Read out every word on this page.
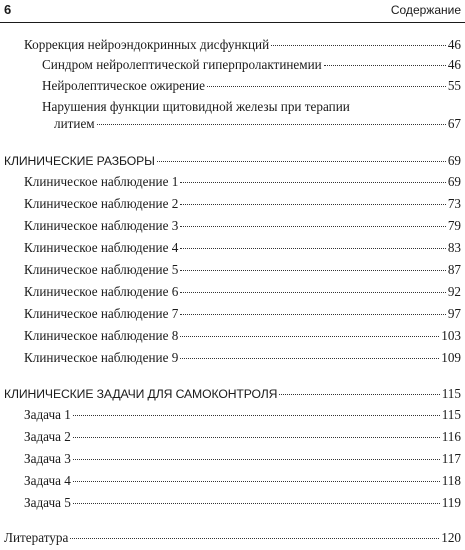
6	Содержание
Коррекция нейроэндокринных дисфункций	46
Синдром нейролептической гиперпролактинемии	46
Нейролептическое ожирение	55
Нарушения функции щитовидной железы при терапии
литием	67
КЛИНИЧЕСКИЕ РАЗБОРЫ	69
Клиническое наблюдение 1	69
Клиническое наблюдение 2	73
Клиническое наблюдение 3	79
Клиническое наблюдение 4	83
Клиническое наблюдение 5	87
Клиническое наблюдение 6	92
Клиническое наблюдение 7	97
Клиническое наблюдение 8	103
Клиническое наблюдение 9	109
КЛИНИЧЕСКИЕ ЗАДАЧИ ДЛЯ САМОКОНТРОЛЯ	115
Задача 1	115
Задача 2	116
Задача 3	117
Задача 4	118
Задача 5	119
Литература	120
